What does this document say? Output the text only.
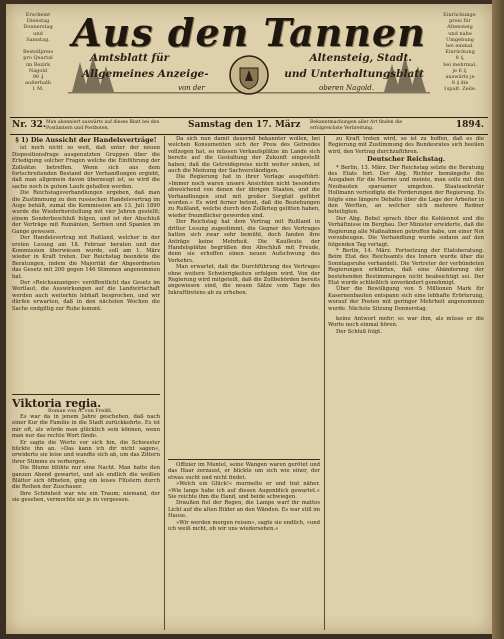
Erscheint
Dienstag
Donnerstag
und
Samstag.
Bestellpreis
pro Quartal
im Bezirk
Nagold
90 ₰
außerhalb
1 M.
Einrückungs-
preis für
Altensteig
und nahe
Umgebung
bei einmal.
Einrückung
8 ₰,
bei mehrmal.
je 6 ₰,
auswärts je
8 ₰ die
1spalt. Zeile.
Aus den Tannen
Amtsblatt für	Altensteig, Stadt.
Allgemeines Anzeige-	und Unterhaltungsblatt
von der	oberen Nagold.
Nr. 32. Man abonniert auswärts auf dieses Blatt bei den Postämtern und Postboten.	Samstag den 17. März Bekanntmachungen aller Art finden die erfolgreichste Verbreitung.	1894.

§ 1) Die Aussicht der Handelsverträge!

ist noch nicht so weit, daß unter der neuen Dispositionsfrage ausgenutzten Gruppen über die Erledigung solcher Fragen welche die Einführung der Zollsätze betreffen. Wenn sich aus dem fortschreitenden Bestand der Verhandlungen ergiebt, daß man allgemein davon überzeugt ist, so wird die sache noch in gutem Laufe gehalten werden.

Die Reichstagsverhandlungen ergeben, daß man die Zustimmung zu den russischen Handelsvertrag im Auge behält, zumal die Kommission am 13. Juli 1890 wurde die Wiederherstellung mit vier Jahren gestellt; einem Sonderbeschluß folgen, und ist der Abschluß der Verträge mit Rumänien, Serbien und Spanien im Gange gewesen.

Der Handelsvertrag mit Rußland, welcher in der ersten Lesung am 18. Februar beraten und der Kommission überwiesen wurde, soll am 1. März wieder in Kraft treten. Der Reichstag beendete die Beratungen, indem die Majorität der Abgeordneten das Gesetz mit 200 gegen 146 Stimmen angenommen hat.

Der »Reichsanzeiger« veröffentlicht das Gesetz im Wortlaut, die Auswirkungen auf die Landwirtschaft werden auch weiterhin lebhaft besprochen, und wir dürfen erwarten, daß in den nächsten Wochen die Sache endgiltig zur Ruhe kommt.

Da sich nun damit dauernd bekannter wollen, bei welchen Konsumenten sich der Preis des Getreides vollzogen hat, so müssen Verkaufsplätze im Lande sich bereits auf die Gestaltung der Zukunft eingestellt haben; daß die Getreidepreise nicht weiter sinken, ist auch die Meinung der Sachverständigen.

Die Regierung hat in ihrer Vorlage ausgeführt: »Immer noch waren unsere Ansichten nicht besonders abweichend von denen der übrigen Staaten, und die Verhandlungen sind mit großer Sorgfalt geführt worden.« Es wird ferner betont, daß die Beziehungen zu Rußland, welche durch den Zollkrieg gelitten haben, wieder freundlicher geworden sind.

Der Reichstag hat dem Vertrag mit Rußland in dritter Lesung zugestimmt, die Gegner des Vertrages hatten sich zwar sehr bemüht, doch fanden ihre Anträge keine Mehrheit. Die Kaufleute der Handelsplätze begrüßen den Abschluß mit Freude, denn sie erhoffen einen neuen Aufschwung des Verkehrs.

Man erwartet, daß die Durchführung des Vertrages ohne weitere Schwierigkeiten erfolgen wird. Von der Regierung wird mitgeteilt, daß die Zollbehörden bereits angewiesen sind, die neuen Sätze vom Tage des Inkrafttretens ab zu erheben.

zu Kraft treten wird, so ist zu hoffen, daß es die Regierung mit Zustimmung des Bundesrates sich beeilen wird, den Vertrag durchzuführen.

Deutscher Reichstag.

* Berlin, 13. März. Der Reichstag setzte die Beratung des Etats fort. Der Abg. Richter bemängelte die Ausgaben für die Marine und meinte, man solle mit den Neubauten sparsamer umgehen. Staatssekretär Hollmann verteidigte die Forderungen der Regierung. Es folgte eine längere Debatte über die Lage der Arbeiter in den Werften, an welcher sich mehrere Redner beteiligten.

Der Abg. Bebel sprach über die Kohlennot und die Verhältnisse im Bergbau. Der Minister erwiderte, daß die Regierung alle Maßnahmen getroffen habe, um einer Not vorzubeugen. Die Verhandlung wurde sodann auf den folgenden Tag vertagt.

* Berlin, 14. März. Fortsetzung der Etatsberatung. Beim Etat des Reichsamts des Innern wurde über die Sonntagsruhe verhandelt. Die Vertreter der verbündeten Regierungen erklärten, daß eine Abänderung der bestehenden Bestimmungen nicht beabsichtigt sei. Der Etat wurde schließlich unverändert genehmigt.

Über die Bewilligung von 5 Millionen Mark für Kasernenbauten entspann sich eine lebhafte Erörterung, worauf der Posten mit geringer Mehrheit angenommen wurde. Nächste Sitzung Donnerstag.

keine Antwort mehr; es war ihm, als müsse er die Worte noch einmal hören.

Der Schluß folgt.

Viktoria regia.
Roman von A. von Freißl.

Es war da in jenem Jahre geschehen, daß nach einer Kur die Familie in die Stadt zurückkehrte. Es ist mir oft, als würde man glücklich sein können, wenn man nur das rechte Wort fände.

Er sagte die Worte vor sich hin, die Schwester blickte ihn an. »Das kann ich dir nicht sagen«, erwiderte sie leise und wandte sich ab, um das Zittern ihrer Stimme zu verbergen.

Die Blume blühte nur eine Nacht. Man hatte den ganzen Abend gewartet, und als endlich die weißen Blätter sich öffneten, ging ein leises Flüstern durch die Reihen der Zuschauer.

Ihre Schönheit war wie ein Traum; niemand, der sie gesehen, vermochte sie je zu vergessen.

Offizier im Mantel, seine Wangen waren gerötet und das Haar zerzaust, er blickte um sich wie einer, der etwas sucht und nicht findet.

»Welch ein Glück!« murmelte er und trat näher. »Wie lange habe ich auf diesen Augenblick gewartet.« Sie reichte ihm die Hand, und beide schwiegen.

Draußen fiel der Regen, die Lampe warf ihr mattes Licht auf die alten Bilder an den Wänden. Es war still im Hause.

»Wir werden morgen reisen«, sagte sie endlich, »und ich weiß nicht, ob wir uns wiedersehen.«
